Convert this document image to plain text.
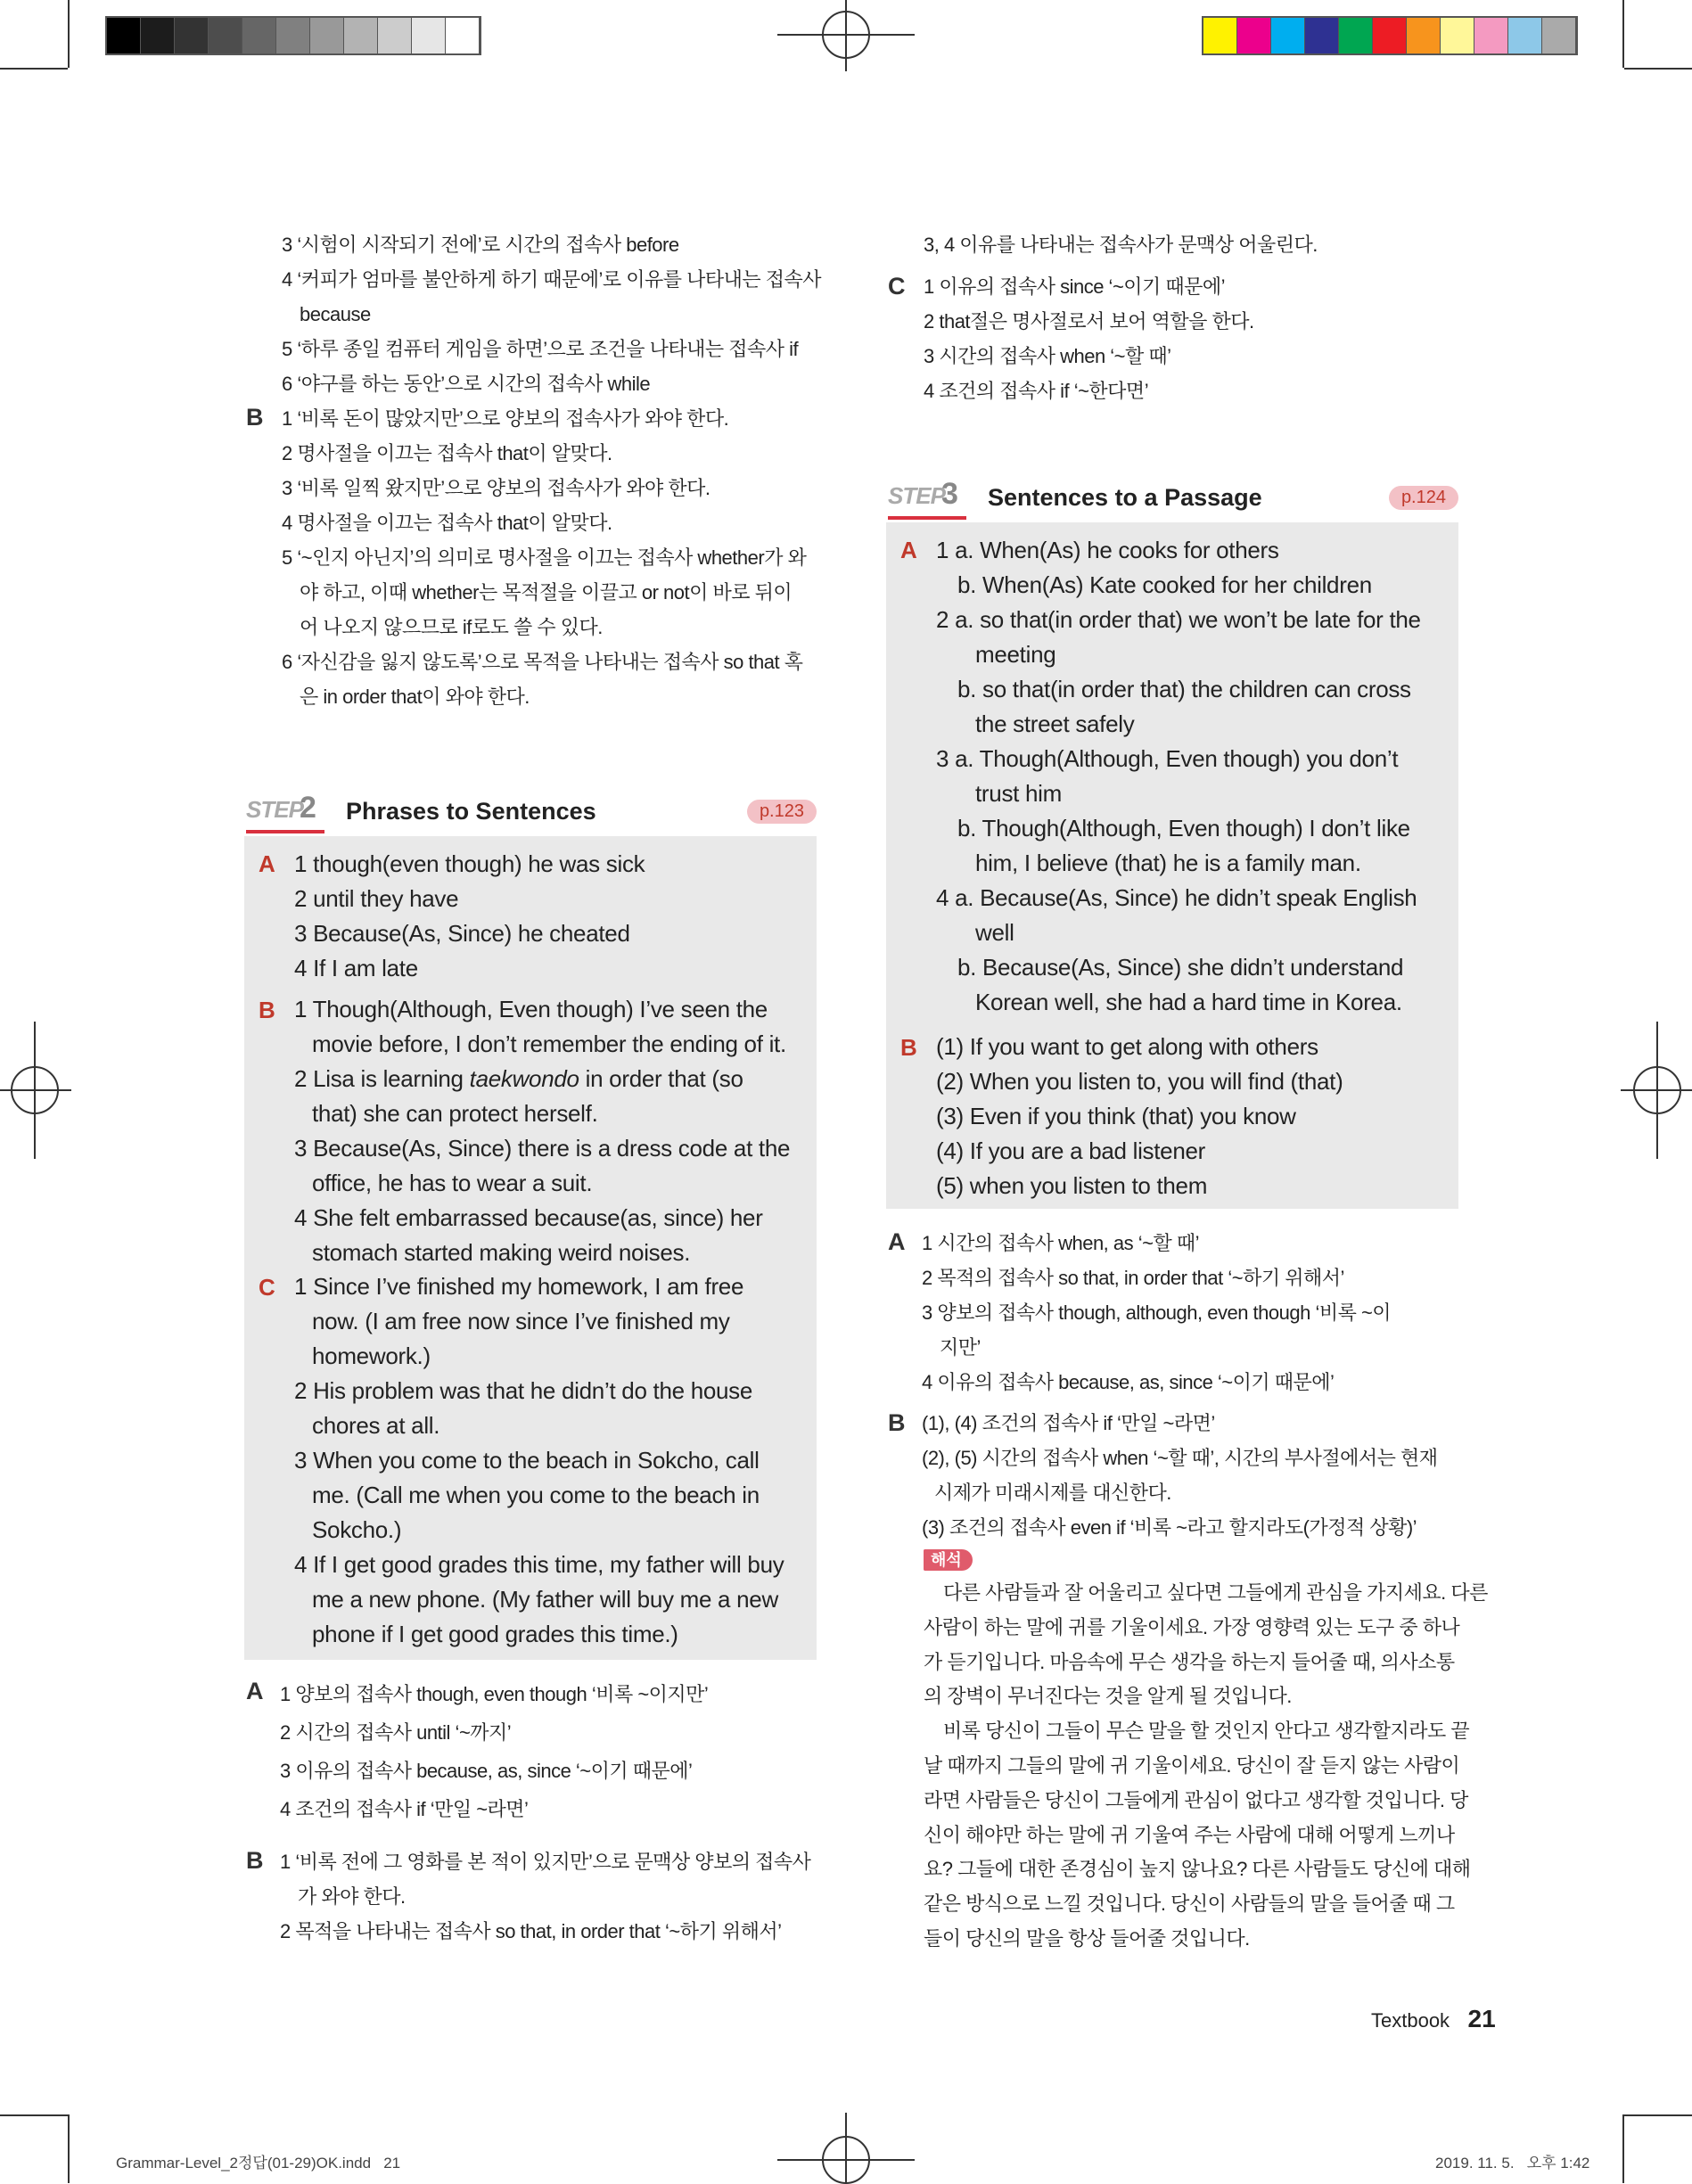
3 ‘시험이 시작되기 전에’로 시간의 접속사 before
4 ‘커피가 엄마를 불안하게 하기 때문에’로 이유를 나타내는 접속사
because
5 ‘하루 종일 컴퓨터 게임을 하면’으로 조건을 나타내는 접속사 if
6 ‘야구를 하는 동안’으로 시간의 접속사 while
B 1 ‘비록 돈이 많았지만’으로 양보의 접속사가 와야 한다.
2 명사절을 이끄는 접속사 that이 알맞다.
3 ‘비록 일찍 왔지만’으로 양보의 접속사가 와야 한다.
4 명사절을 이끄는 접속사 that이 알맞다.
5 ‘~인지 아닌지’의 의미로 명사절을 이끄는 접속사 whether가 와
야 하고, 이때 whether는 목적절을 이끌고 or not이 바로 뒤이
어 나오지 않으므로 if로도 쓸 수 있다.
6 ‘자신감을 잃지 않도록’으로 목적을 나타내는 접속사 so that 혹
은 in order that이 와야 한다.
STEP
2 Phrases to Sentences	p.123
A 1 though(even though) he was sick
2 until they have
3 Because(As, Since) he cheated
4 If I am late
B 1 Though(Although, Even though) I’ve seen the
movie before, I don’t remember the ending of it.
2 Lisa is learning taekwondo in order that (so
that) she can protect herself.
3 Because(As, Since) there is a dress code at the
office, he has to wear a suit.
4 She felt embarrassed because(as, since) her
stomach started making weird noises.
C 1 Since I’ve finished my homework, I am free
now. (I am free now since I’ve finished my
homework.)
2 His problem was that he didn’t do the house
chores at all.
3 When you come to the beach in Sokcho, call
me. (Call me when you come to the beach in
Sokcho.)
4 If I get good grades this time, my father will buy
me a new phone. (My father will buy me a new
phone if I get good grades this time.)
A 1 양보의 접속사 though, even though ‘비록 ~이지만’
2 시간의 접속사 until ‘~까지’
3 이유의 접속사 because, as, since ‘~이기 때문에’
4 조건의 접속사 if ‘만일 ~라면’
B 1 ‘비록 전에 그 영화를 본 적이 있지만’으로 문맥상 양보의 접속사
가 와야 한다.
2 목적을 나타내는 접속사 so that, in order that ‘~하기 위해서’
3, 4 이유를 나타내는 접속사가 문맥상 어울린다.
C 1 이유의 접속사 since ‘~이기 때문에’
2 that절은 명사절로서 보어 역할을 한다.
3 시간의 접속사 when ‘~할 때’
4 조건의 접속사 if ‘~한다면’
STEP
3 Sentences to a Passage	p.124
A 1 a. When(As) he cooks for others
b. When(As) Kate cooked for her children
2 a. so that(in order that) we won’t be late for the
meeting
b. so that(in order that) the children can cross
the street safely
3 a. Though(Although, Even though) you don’t
trust him
b. Though(Although, Even though) I don’t like
him, I believe (that) he is a family man.
4 a. Because(As, Since) he didn’t speak English
well
b. Because(As, Since) she didn’t understand
Korean well, she had a hard time in Korea.
B (1) If you want to get along with others
(2) When you listen to, you will find (that)
(3) Even if you think (that) you know
(4) If you are a bad listener
(5) when you listen to them
A 1 시간의 접속사 when, as ‘~할 때’
2 목적의 접속사 so that, in order that ‘~하기 위해서’
3 양보의 접속사 though, although, even though ‘비록 ~이
지만’
4 이유의 접속사 because, as, since ‘~이기 때문에’
B (1), (4) 조건의 접속사 if ‘만일 ~라면’
(2), (5) 시간의 접속사 when ‘~할 때’, 시간의 부사절에서는 현재
시제가 미래시제를 대신한다.
(3) 조건의 접속사 even if ‘비록 ~라고 할지라도(가정적 상황)’
해석
다른 사람들과 잘 어울리고 싶다면 그들에게 관심을 가지세요. 다른
사람이 하는 말에 귀를 기울이세요. 가장 영향력 있는 도구 중 하나
가 듣기입니다. 마음속에 무슨 생각을 하는지 들어줄 때, 의사소통
의 장벽이 무너진다는 것을 알게 될 것입니다.
비록 당신이 그들이 무슨 말을 할 것인지 안다고 생각할지라도 끝
날 때까지 그들의 말에 귀 기울이세요. 당신이 잘 듣지 않는 사람이
라면 사람들은 당신이 그들에게 관심이 없다고 생각할 것입니다. 당
신이 해야만 하는 말에 귀 기울여 주는 사람에 대해 어떻게 느끼나
요? 그들에 대한 존경심이 높지 않나요? 다른 사람들도 당신에 대해
같은 방식으로 느낄 것입니다. 당신이 사람들의 말을 들어줄 때 그
들이 당신의 말을 항상 들어줄 것입니다.
Textbook 21
Grammar-Level_2정답(01-29)OK.indd   21	2019. 11. 5.   오후 1:42
